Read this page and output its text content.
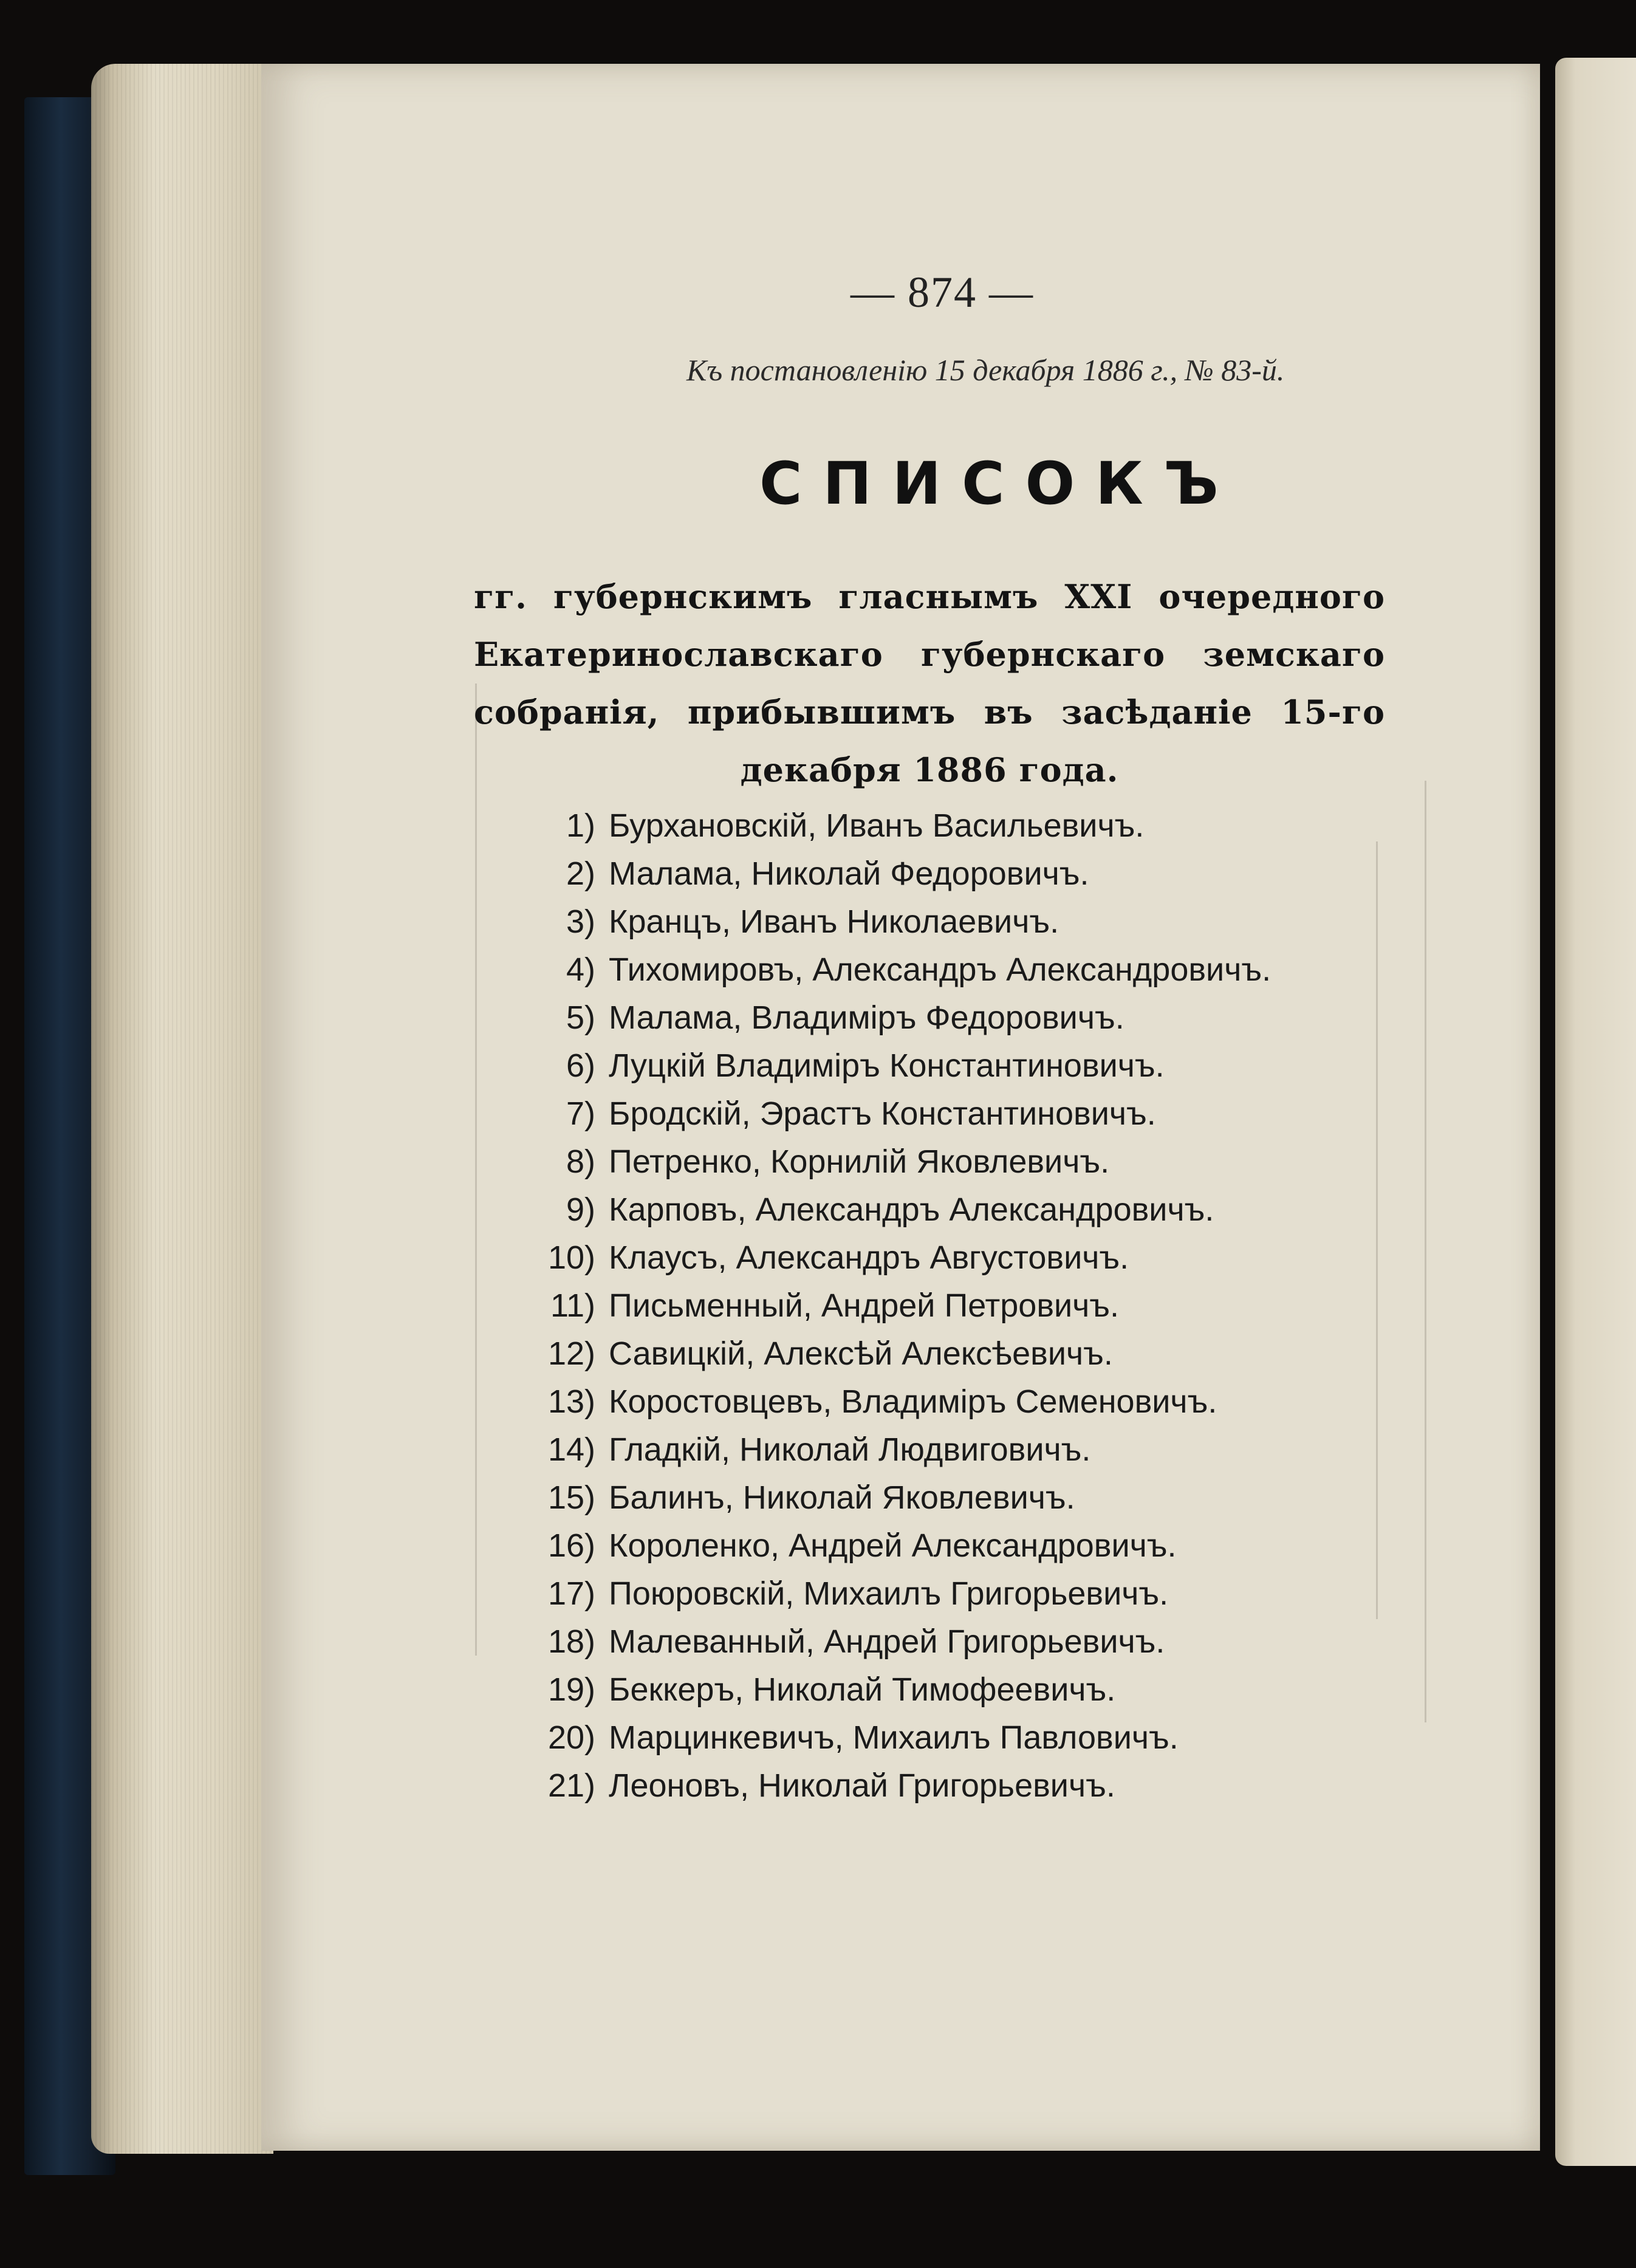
— 874 —
Къ постановленію 15 декабря 1886 г., № 83-й.
СПИСОКЪ
гг. губернскимъ гласнымъ XXI очередного Екатеринославскаго губернскаго земскаго собранія, прибывшимъ въ засѣданіе 15-го декабря 1886 года.
1) Бурхановскій, Иванъ Васильевичъ.
2) Малама, Николай Федоровичъ.
3) Кранцъ, Иванъ Николаевичъ.
4) Тихомировъ, Александръ Александровичъ.
5) Малама, Владиміръ Федоровичъ.
6) Луцкій Владиміръ Константиновичъ.
7) Бродскій, Эрастъ Константиновичъ.
8) Петренко, Корнилій Яковлевичъ.
9) Карповъ, Александръ Александровичъ.
10) Клаусъ, Александръ Августовичъ.
11) Письменный, Андрей Петровичъ.
12) Савицкій, Алексѣй Алексѣевичъ.
13) Коростовцевъ, Владиміръ Семеновичъ.
14) Гладкій, Николай Людвиговичъ.
15) Балинъ, Николай Яковлевичъ.
16) Короленко, Андрей Александровичъ.
17) Поюровскій, Михаилъ Григорьевичъ.
18) Малеванный, Андрей Григорьевичъ.
19) Беккеръ, Николай Тимофеевичъ.
20) Марцинкевичъ, Михаилъ Павловичъ.
21) Леоновъ, Николай Григорьевичъ.
